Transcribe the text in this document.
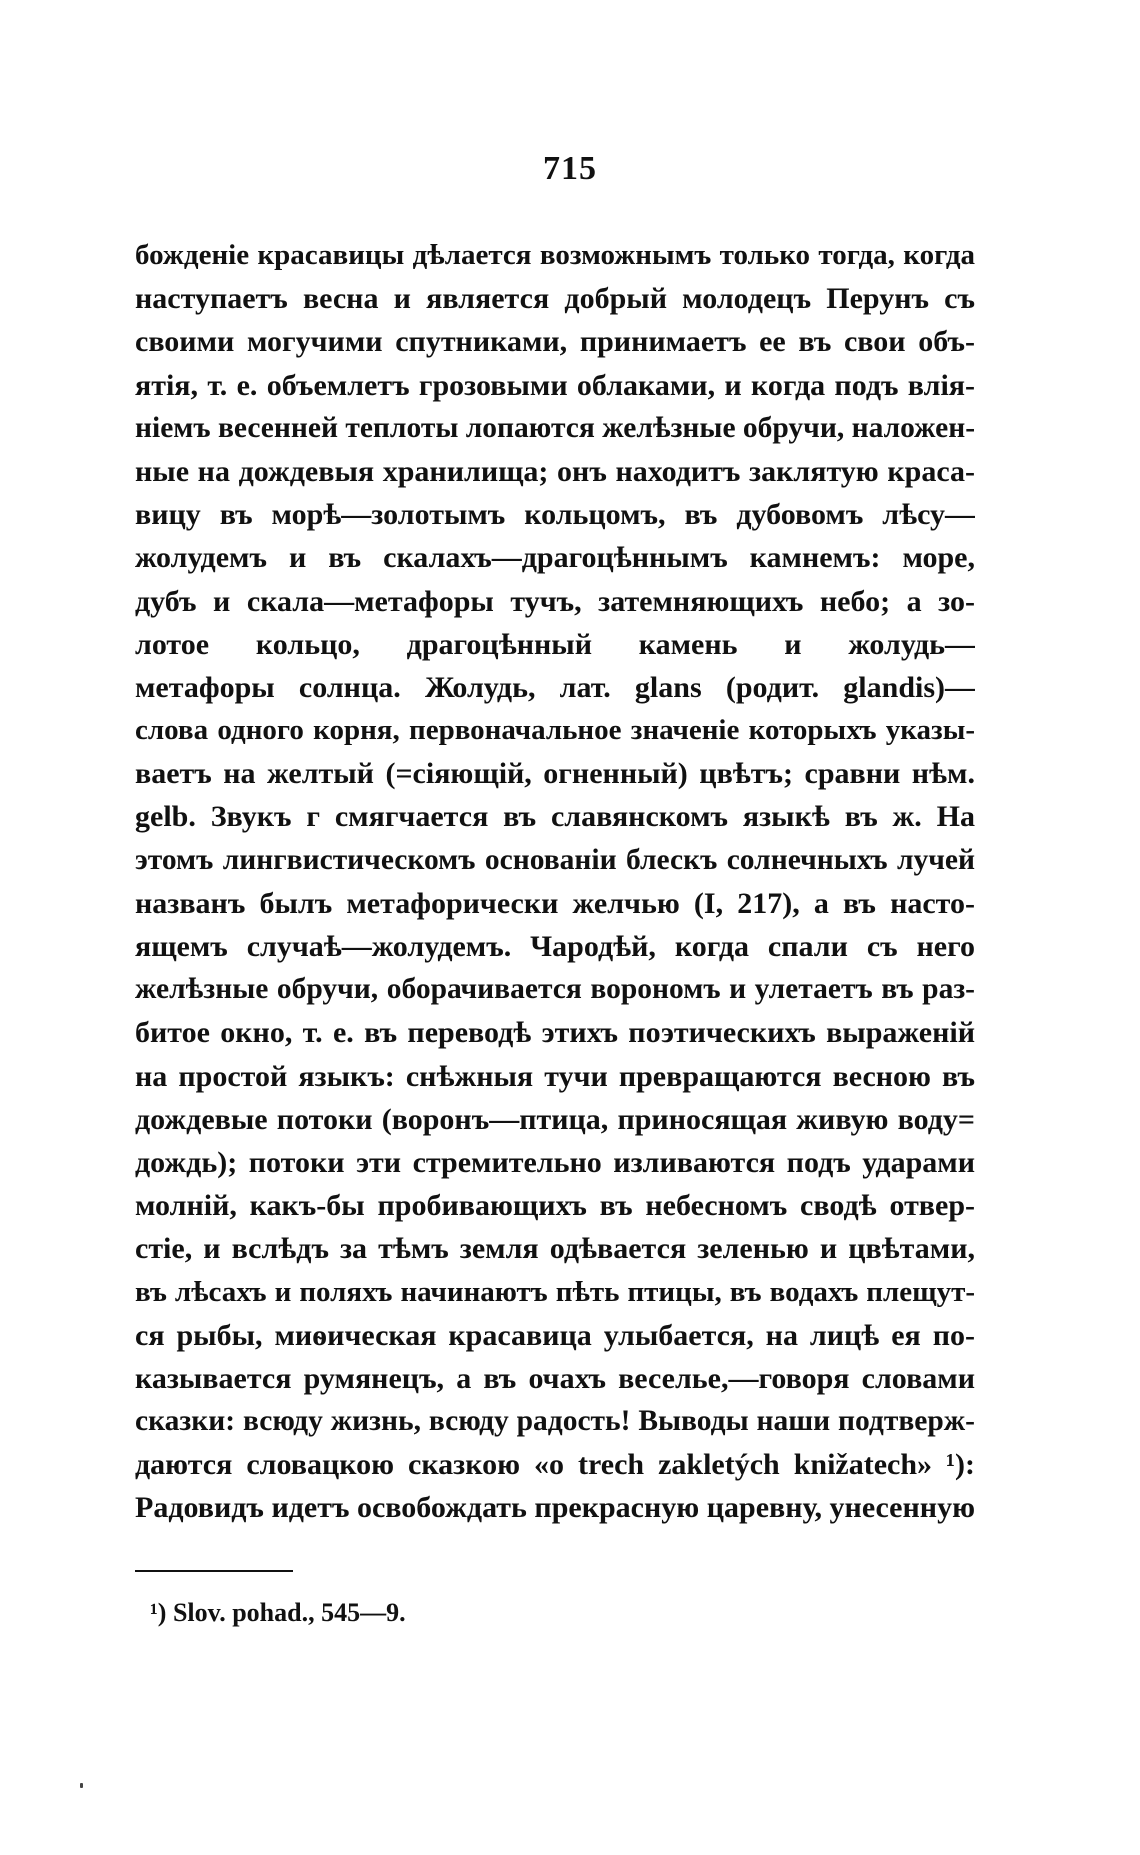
715
божденіе красавицы дѣлается возможнымъ только тогда, когда
наступаетъ весна и является добрый молодецъ Перунъ съ
своими могучими спутниками, принимаетъ ее въ свои объ-
ятія, т. е. объемлетъ грозовыми облаками, и когда подъ влія-
ніемъ весенней теплоты лопаются желѣзные обручи, наложен-
ные на дождевыя хранилища; онъ находитъ заклятую краса-
вицу въ морѣ—золотымъ кольцомъ, въ дубовомъ лѣсу—
жолудемъ и въ скалахъ—драгоцѣннымъ камнемъ: море,
дубъ и скала—метафоры тучъ, затемняющихъ небо; а зо-
лотое кольцо, драгоцѣнный камень и жолудь—
метафоры солнца. Жолудь, лат. glans (родит. glandis)—
слова одного корня, первоначальное значеніе которыхъ указы-
ваетъ на желтый (=сіяющій, огненный) цвѣтъ; сравни нѣм.
gelb. Звукъ г смягчается въ славянскомъ языкѣ въ ж. На
этомъ лингвистическомъ основаніи блескъ солнечныхъ лучей
названъ былъ метафорически желчью (I, 217), а въ насто-
ящемъ случаѣ—жолудемъ. Чародѣй, когда спали съ него
желѣзные обручи, оборачивается ворономъ и улетаетъ въ раз-
битое окно, т. е. въ переводѣ этихъ поэтическихъ выраженій
на простой языкъ: снѣжныя тучи превращаются весною въ
дождевые потоки (воронъ—птица, приносящая живую воду=
дождь); потоки эти стремительно изливаются подъ ударами
молній, какъ-бы пробивающихъ въ небесномъ сводѣ отвер-
стіе, и вслѣдъ за тѣмъ земля одѣвается зеленью и цвѣтами,
въ лѣсахъ и поляхъ начинаютъ пѣть птицы, въ водахъ плещут-
ся рыбы, миѳическая красавица улыбается, на лицѣ ея по-
казывается румянецъ, а въ очахъ веселье,—говоря словами
сказки: всюду жизнь, всюду радость! Выводы наши подтверж-
даются словацкою сказкою «o trech zakletých knižatech» ¹):
Радовидъ идетъ освобождать прекрасную царевну, унесенную
¹) Slov. pohad., 545—9.
